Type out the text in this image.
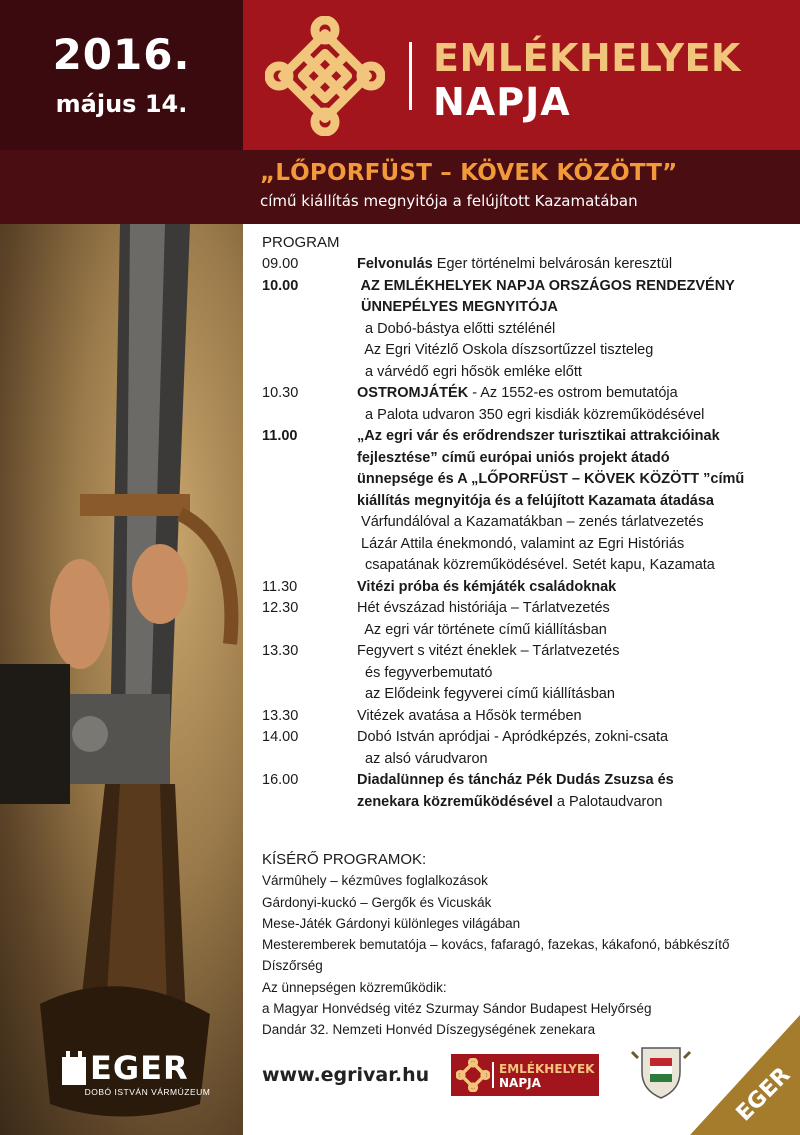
2016.
május 14.
EMLÉKHELYEK
NAPJA
„LŐPORFÜST – KÖVEK KÖZÖTT”
című kiállítás megnyitója a felújított Kazamatában
EGER
DOBÓ ISTVÁN VÁRMÚZEUM
PROGRAM
09.00	Felvonulás Eger történelmi belvárosán keresztül
10.00	AZ EMLÉKHELYEK NAPJA ORSZÁGOS RENDEZVÉNY
ÜNNEPÉLYES MEGNYITÓJA
a Dobó-bástya előtti sztélénél
Az Egri Vitézlő Oskola díszsortűzzel tiszteleg
a várvédő egri hősök emléke előtt
10.30	OSTROMJÁTÉK - Az 1552-es ostrom bemutatója
a Palota udvaron 350 egri kisdiák közreműködésével
11.00	„Az egri vár és erődrendszer turisztikai attrakcióinak
fejlesztése” című európai uniós projekt átadó
ünnepsége és A „LŐPORFÜST – KÖVEK KÖZÖTT ”című
kiállítás megnyitója és a felújított Kazamata átadása
Várfundálóval a Kazamatákban – zenés tárlatvezetés
Lázár Attila énekmondó, valamint az Egri Históriás
csapatának közreműködésével. Setét kapu, Kazamata
11.30	Vitézi próba és kémjáték családoknak
12.30	Hét évszázad históriája – Tárlatvezetés
Az egri vár története című kiállításban
13.30	Fegyvert s vitézt éneklek – Tárlatvezetés
és fegyverbemutató
az Elődeink fegyverei című kiállításban
13.30	Vitézek avatása a Hősök termében
14.00	Dobó István apródjai - Apródképzés, zokni-csata
az alsó várudvaron
16.00	Diadalünnep és táncház Pék Dudás Zsuzsa és
zenekara közreműködésével a Palotaudvaron
KÍSÉRŐ PROGRAMOK:
Vármûhely – kézmûves foglalkozások
Gárdonyi-kuckó – Gergők és Vicuskák
Mese-Játék Gárdonyi különleges világában
Mesteremberek bemutatója – kovács, fafaragó, fazekas, kákafonó, bábkészítő
Díszőrség
Az ünnepségen közreműködik:
a Magyar Honvédség vitéz Szurmay Sándor Budapest Helyőrség
Dandár 32. Nemzeti Honvéd Díszegységének zenekara
www.egrivar.hu	EMLÉKHELYEK
NAPJA	EGER
